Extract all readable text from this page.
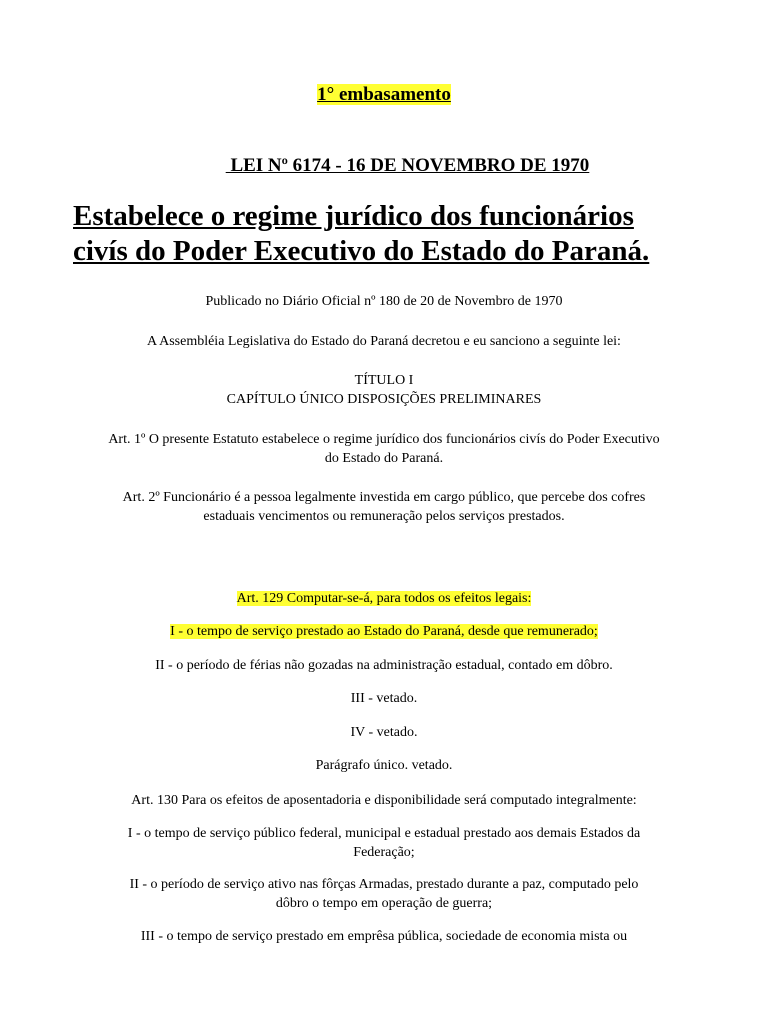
1° embasamento

LEI Nº 6174 - 16 DE NOVEMBRO DE 1970

Estabelece o regime jurídico dos funcionários
civís do Poder Executivo do Estado do Paraná.
Publicado no Diário Oficial nº 180 de 20 de Novembro de 1970
A Assembléia Legislativa do Estado do Paraná decretou e eu sanciono a seguinte lei:
TÍTULO I
CAPÍTULO ÚNICO DISPOSIÇÕES PRELIMINARES
Art. 1º O presente Estatuto estabelece o regime jurídico dos funcionários civís do Poder Executivo
do Estado do Paraná.
Art. 2º Funcionário é a pessoa legalmente investida em cargo público, que percebe dos cofres
estaduais vencimentos ou remuneração pelos serviços prestados.
Art. 129 Computar-se-á, para todos os efeitos legais:
I - o tempo de serviço prestado ao Estado do Paraná, desde que remunerado;
II - o período de férias não gozadas na administração estadual, contado em dôbro.
III - vetado.
IV - vetado.
Parágrafo único. vetado.
Art. 130 Para os efeitos de aposentadoria e disponibilidade será computado integralmente:
I - o tempo de serviço público federal, municipal e estadual prestado aos demais Estados da
Federação;
II - o período de serviço ativo nas fôrças Armadas, prestado durante a paz, computado pelo
dôbro o tempo em operação de guerra;
III - o tempo de serviço prestado em emprêsa pública, sociedade de economia mista ou
